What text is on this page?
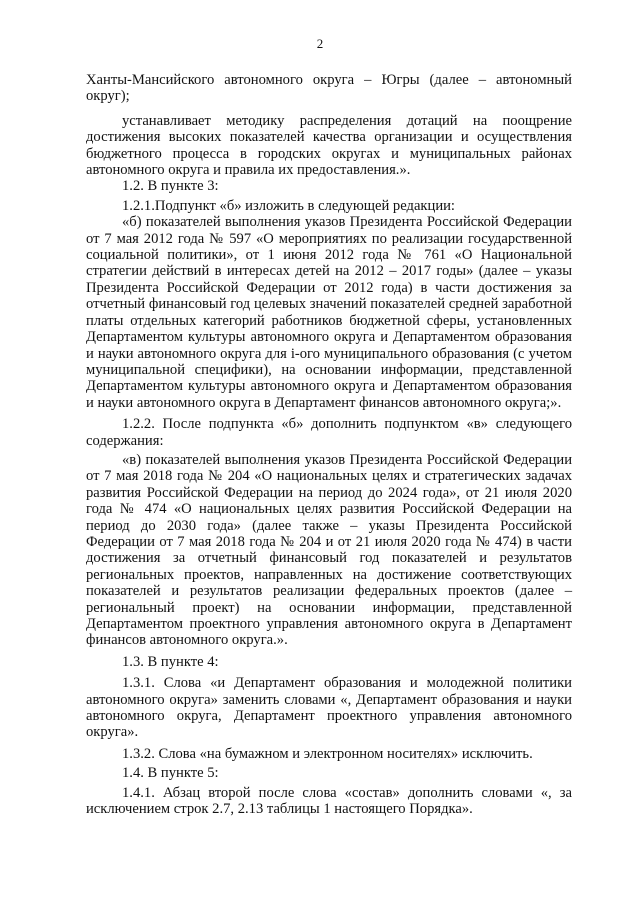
2

Ханты-Мансийского автономного округа – Югры (далее – автономный округ);

устанавливает методику распределения дотаций на поощрение достижения высоких показателей качества организации и осуществления бюджетного процесса в городских округах и муниципальных районах автономного округа и правила их предоставления.».

1.2. В пункте 3:

1.2.1.Подпункт «б» изложить в следующей редакции:

«б) показателей выполнения указов Президента Российской Федерации от 7 мая 2012 года № 597 «О мероприятиях по реализации государственной социальной политики», от 1 июня 2012 года № 761 «О Национальной стратегии действий в интересах детей на 2012 – 2017 годы» (далее – указы Президента Российской Федерации от 2012 года) в части достижения за отчетный финансовый год целевых значений показателей средней заработной платы отдельных категорий работников бюджетной сферы, установленных Департаментом культуры автономного округа и Департаментом образования и науки автономного округа для i-ого муниципального образования (с учетом муниципальной специфики), на основании информации, представленной Департаментом культуры автономного округа и Департаментом образования и науки автономного округа в Департамент финансов автономного округа;».

1.2.2. После подпункта «б» дополнить подпунктом «в» следующего содержания:

«в) показателей выполнения указов Президента Российской Федерации от 7 мая 2018 года № 204 «О национальных целях и стратегических задачах развития Российской Федерации на период до 2024 года», от 21 июля 2020 года № 474 «О национальных целях развития Российской Федерации на период до 2030 года» (далее также – указы Президента Российской Федерации от 7 мая 2018 года № 204 и от 21 июля 2020 года № 474) в части достижения за отчетный финансовый год показателей и результатов региональных проектов, направленных на достижение соответствующих показателей и результатов реализации федеральных проектов (далее – региональный проект) на основании информации, представленной Департаментом проектного управления автономного округа в Департамент финансов автономного округа.».

1.3. В пункте 4:

1.3.1. Слова «и Департамент образования и молодежной политики автономного округа» заменить словами «, Департамент образования и науки автономного округа, Департамент проектного управления автономного округа».

1.3.2. Слова «на бумажном и электронном носителях» исключить.

1.4. В пункте 5:

1.4.1. Абзац второй после слова «состав» дополнить словами «, за исключением строк 2.7, 2.13 таблицы 1 настоящего Порядка».
